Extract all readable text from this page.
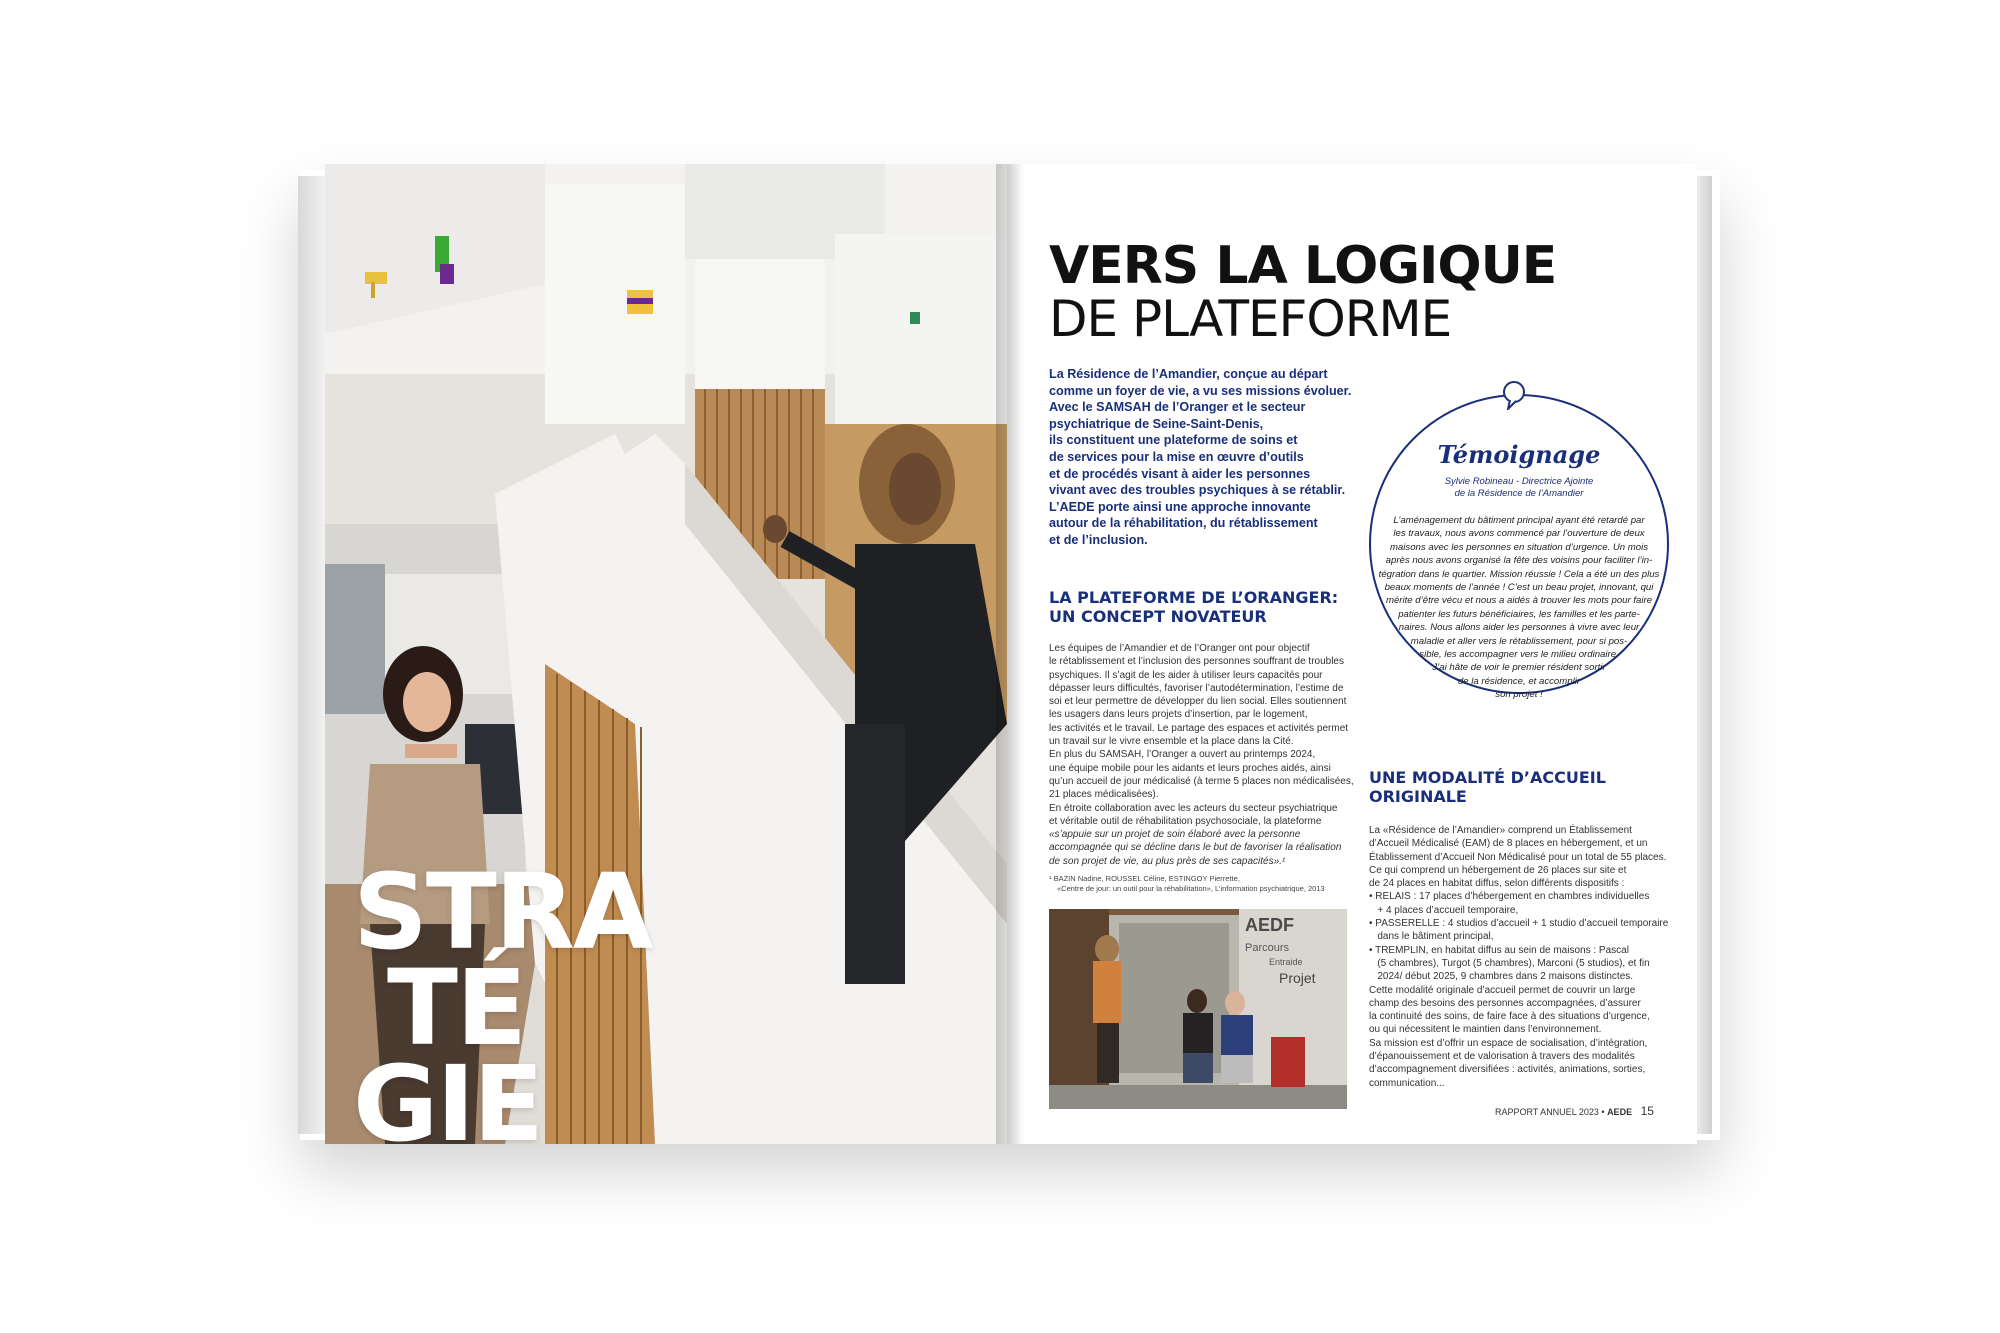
STRA
TÉ
GIE
VERS LA LOGIQUE
DE PLATEFORME
La Résidence de l’Amandier, conçue au départ
comme un foyer de vie, a vu ses missions évoluer.
Avec le SAMSAH de l’Oranger et le secteur
psychiatrique de Seine-Saint-Denis,
ils constituent une plateforme de soins et
de services pour la mise en œuvre d’outils
et de procédés visant à aider les personnes
vivant avec des troubles psychiques à se rétablir.
L’AEDE porte ainsi une approche innovante
autour de la réhabilitation, du rétablissement
et de l’inclusion.
LA PLATEFORME DE L’ORANGER:
UN CONCEPT NOVATEUR
Les équipes de l’Amandier et de l’Oranger ont pour objectif
le rétablissement et l’inclusion des personnes souffrant de troubles
psychiques. Il s’agit de les aider à utiliser leurs capacités pour
dépasser leurs difficultés, favoriser l’autodétermination, l’estime de
soi et leur permettre de développer du lien social. Elles soutiennent
les usagers dans leurs projets d’insertion, par le logement,
les activités et le travail. Le partage des espaces et activités permet
un travail sur le vivre ensemble et la place dans la Cité.
En plus du SAMSAH, l’Oranger a ouvert au printemps 2024,
une équipe mobile pour les aidants et leurs proches aidés, ainsi
qu’un accueil de jour médicalisé (à terme 5 places non médicalisées,
21 places médicalisées).
En étroite collaboration avec les acteurs du secteur psychiatrique
et véritable outil de réhabilitation psychosociale, la plateforme
«s’appuie sur un projet de soin élaboré avec la personne
accompagnée qui se décline dans le but de favoriser la réalisation
de son projet de vie, au plus près de ses capacités».¹
¹ BAZIN Nadine, ROUSSEL Céline, ESTINGOY Pierrette,
«Centre de jour: un outil pour la réhabilitation», L’information psychiatrique, 2013
AEDF
Parcours
Entraide
Projet
Témoignage
Sylvie Robineau - Directrice Ajointe
de la Résidence de l’Amandier
L’aménagement du bâtiment principal ayant été retardé par
les travaux, nous avons commencé par l’ouverture de deux
maisons avec les personnes en situation d’urgence. Un mois
après nous avons organisé la fête des voisins pour faciliter l’in-
tégration dans le quartier. Mission réussie ! Cela a été un des plus
beaux moments de l’année ! C’est un beau projet, innovant, qui
mérite d’être vécu et nous a aidés à trouver les mots pour faire
patienter les futurs bénéficiaires, les familles et les parte-
naires. Nous allons aider les personnes à vivre avec leur
maladie et aller vers le rétablissement, pour si pos-
sible, les accompagner vers le milieu ordinaire.
J’ai hâte de voir le premier résident sortir
de la résidence, et accomplir
son projet !
UNE MODALITÉ D’ACCUEIL
ORIGINALE
La «Résidence de l’Amandier» comprend un Établissement
d’Accueil Médicalisé (EAM) de 8 places en hébergement, et un
Établissement d’Accueil Non Médicalisé pour un total de 55 places.
Ce qui comprend un hébergement de 26 places sur site et
de 24 places en habitat diffus, selon différents dispositifs :
• RELAIS : 17 places d’hébergement en chambres individuelles
+ 4 places d’accueil temporaire,
• PASSERELLE : 4 studios d’accueil + 1 studio d’accueil temporaire
dans le bâtiment principal,
• TREMPLIN, en habitat diffus au sein de maisons : Pascal
(5 chambres), Turgot (5 chambres), Marconi (5 studios), et fin
2024/ début 2025, 9 chambres dans 2 maisons distinctes.
Cette modalité originale d’accueil permet de couvrir un large
champ des besoins des personnes accompagnées, d’assurer
la continuité des soins, de faire face à des situations d’urgence,
ou qui nécessitent le maintien dans l’environnement.
Sa mission est d’offrir un espace de socialisation, d’intégration,
d’épanouissement et de valorisation à travers des modalités
d’accompagnement diversifiées : activités, animations, sorties,
communication...
RAPPORT ANNUEL 2023 • AEDE 15
